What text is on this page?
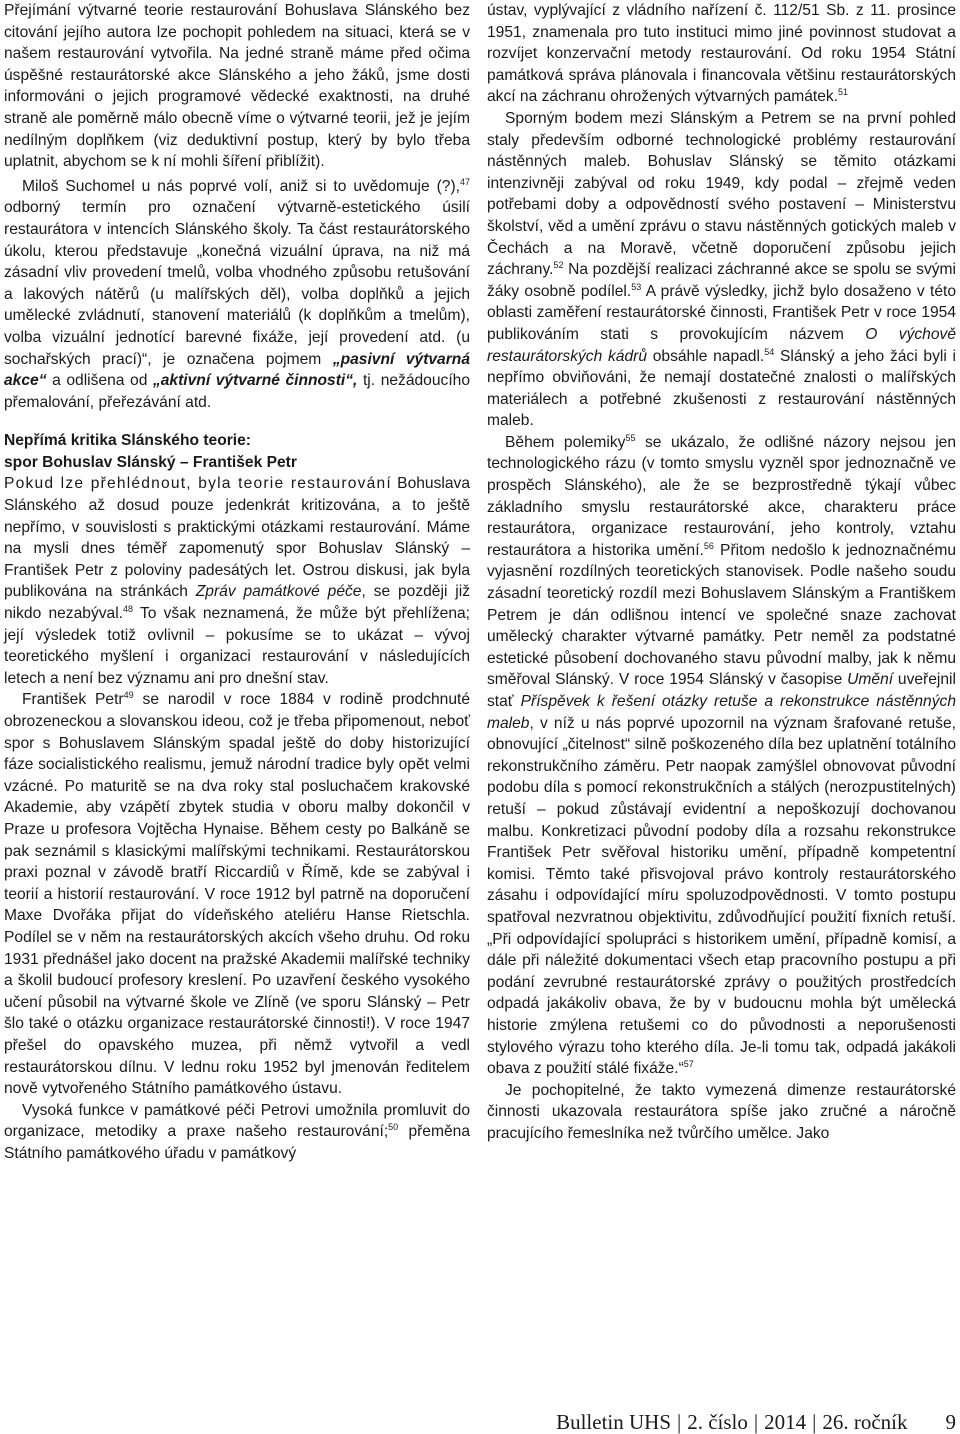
Přejímání výtvarné teorie restaurování Bohuslava Slánského bez citování jejího autora lze pochopit pohledem na situaci, která se v našem restaurování vytvořila. Na jedné straně máme před očima úspěšné restaurátorské akce Slánského a jeho žáků, jsme dosti informováni o jejich programové vědecké exaktnosti, na druhé straně ale poměrně málo obecně víme o výtvarné teorii, jež je jejím nedílným doplňkem (viz deduktivní postup, který by bylo třeba uplatnit, abychom se k ní mohli šíření přiblížit).

Miloš Suchomel u nás poprvé volí, aniž si to uvědomuje (?),$^{47}$ odborný termín pro označení výtvarně-estetického úsilí restaurátora v intencích Slánského školy. Ta část restaurátorského úkolu, kterou představuje „konečná vizuální úprava, na niž má zásadní vliv provedení tmelů, volba vhodného způsobu retušování a lakových nátěrů (u malířských děl), volba doplňků a jejich umělecké zvládnutí, stanovení materiálů (k doplňkům a tmelům), volba vizuální jednotící barevné fixáže, její provedení atd. (u sochařských prací)“, je označena pojmem „pasivní výtvarná akce“ a odlišena od „aktivní výtvarné činnosti“, tj. nežádoucího přemalování, přeřezávání atd.

Nepřímá kritika Slánského teorie:
spor Bohuslav Slánský – František Petr

Pokud lze přehlédnout, byla teorie restaurování Bohuslava Slánského až dosud pouze jedenkrát kritizována, a to ještě nepřímo, v souvislosti s praktickými otázkami restaurování. Máme na mysli dnes téměř zapomenutý spor Bohuslav Slánský – František Petr z poloviny padesátých let. Ostrou diskusi, jak byla publikována na stránkách Zpráv památkové péče, se později již nikdo nezabýval.$^{48}$ To však neznamená, že může být přehlížena; její výsledek totiž ovlivnil – pokusíme se to ukázat – vývoj teoretického myšlení i organizaci restaurování v následujících letech a není bez významu ani pro dnešní stav.

František Petr$^{49}$ se narodil v roce 1884 v rodině prodchnuté obrozeneckou a slovanskou ideou, což je třeba připomenout, neboť spor s Bohuslavem Slánským spadal ještě do doby historizující fáze socialistického realismu, jemuž národní tradice byly opět velmi vzácné. Po maturitě se na dva roky stal posluchačem krakovské Akademie, aby vzápětí zbytek studia v oboru malby dokončil v Praze u profesora Vojtěcha Hynaise. Během cesty po Balkáně se pak seznámil s klasickými malířskými technikami. Restaurátorskou praxi poznal v závodě bratří Riccardiů v Římě, kde se zabýval i teorií a historií restaurování. V roce 1912 byl patrně na doporučení Maxe Dvořáka přijat do vídeňského ateliéru Hanse Rietschla. Podílel se v něm na restaurátorských akcích všeho druhu. Od roku 1931 přednášel jako docent na pražské Akademii malířské techniky a školil budoucí profesory kreslení. Po uzavření českého vysokého učení působil na výtvarné škole ve Zlíně (ve sporu Slánský – Petr šlo také o otázku organizace restaurátorské činnosti!). V roce 1947 přešel do opavského muzea, při němž vytvořil a vedl restaurátorskou dílnu. V lednu roku 1952 byl jmenován ředitelem nově vytvořeného Státního památkového ústavu.

Vysoká funkce v památkové péči Petrovi umožnila promluvit do organizace, metodiky a praxe našeho restaurování;$^{50}$ přeměna Státního památkového úřadu v památkový

ústav, vyplývající z vládního nařízení č. 112/51 Sb. z 11. prosince 1951, znamenala pro tuto instituci mimo jiné povinnost studovat a rozvíjet konzervační metody restaurování. Od roku 1954 Státní památková správa plánovala i financovala většinu restaurátorských akcí na záchranu ohrožených výtvarných památek.$^{51}$

Sporným bodem mezi Slánským a Petrem se na první pohled staly především odborné technologické problémy restaurování nástěnných maleb. Bohuslav Slánský se těmito otázkami intenzivněji zabýval od roku 1949, kdy podal – zřejmě veden potřebami doby a odpovědností svého postavení – Ministerstvu školství, věd a umění zprávu o stavu nástěnných gotických maleb v Čechách a na Moravě, včetně doporučení způsobu jejich záchrany.$^{52}$ Na pozdější realizaci záchranné akce se spolu se svými žáky osobně podílel.$^{53}$ A právě výsledky, jichž bylo dosaženo v této oblasti zaměření restaurátorské činnosti, František Petr v roce 1954 publikováním stati s provokujícím názvem O výchově restaurátorských kádrů obsáhle napadl.$^{54}$ Slánský a jeho žáci byli i nepřímo obviňováni, že nemají dostatečné znalosti o malířských materiálech a potřebné zkušenosti z restaurování nástěnných maleb.

Během polemiky$^{55}$ se ukázalo, že odlišné názory nejsou jen technologického rázu (v tomto smyslu vyzněl spor jednoznačně ve prospěch Slánského), ale že se bezprostředně týkají vůbec základního smyslu restaurátorské akce, charakteru práce restaurátora, organizace restaurování, jeho kontroly, vztahu restaurátora a historika umění.$^{56}$ Přitom nedošlo k jednoznačnému vyjasnění rozdílných teoretických stanovisek. Podle našeho soudu zásadní teoretický rozdíl mezi Bohuslavem Slánským a Františkem Petrem je dán odlišnou intencí ve společné snaze zachovat umělecký charakter výtvarné památky. Petr neměl za podstatné estetické působení dochovaného stavu původní malby, jak k němu směřoval Slánský. V roce 1954 Slánský v časopise Umění uveřejnil stať Příspěvek k řešení otázky retuše a rekonstrukce nástěnných maleb, v níž u nás poprvé upozornil na význam šrafované retuše, obnovující „čitelnost“ silně poškozeného díla bez uplatnění totálního rekonstrukčního záměru. Petr naopak zamýšlel obnovovat původní podobu díla s pomocí rekonstrukčních a stálých (nerozpustitelných) retuší – pokud zůstávají evidentní a nepoškozují dochovanou malbu. Konkretizaci původní podoby díla a rozsahu rekonstrukce František Petr svěřoval historiku umění, případně kompetentní komisi. Těmto také přisvojoval právo kontroly restaurátorského zásahu i odpovídající míru spoluzodpovědnosti. V tomto postupu spatřoval nezvratnou objektivitu, zdůvodňující použití fixních retuší. „Při odpovídající spolupráci s historikem umění, případně komisí, a dále při náležité dokumentaci všech etap pracovního postupu a při podání zevrubné restaurátorské zprávy o použitých prostředcích odpadá jakákoliv obava, že by v budoucnu mohla být umělecká historie zmýlena retušemi co do původnosti a neporušenosti stylového výrazu toho kterého díla. Je-li tomu tak, odpadá jakákoli obava z použití stálé fixáže.“$^{57}$

Je pochopitelné, že takto vymezená dimenze restaurátorské činnosti ukazovala restaurátora spíše jako zručné a náročně pracujícího řemeslníka než tvůrčího umělce. Jako

Bulletin UHS | 2. číslo | 2014 | 26. ročník 9
